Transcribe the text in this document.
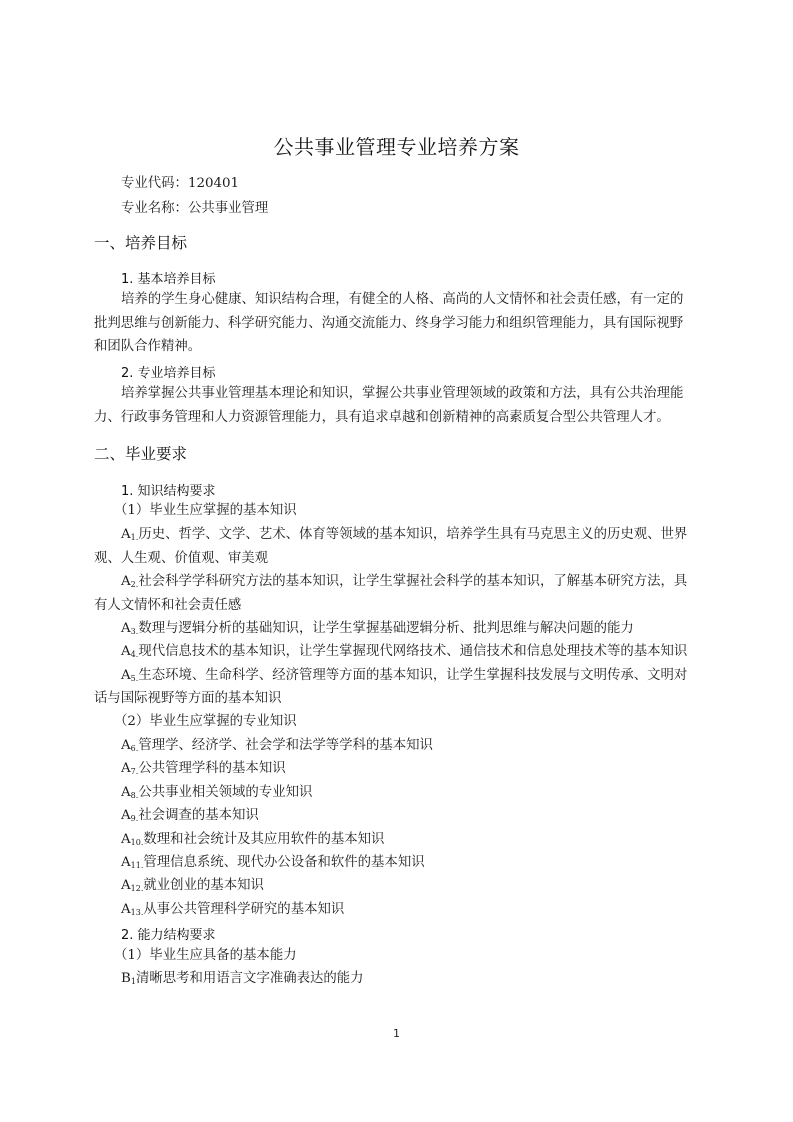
公共事业管理专业培养方案
专业代码：120401
专业名称：公共事业管理
一、培养目标
1. 基本培养目标
培养的学生身心健康、知识结构合理，有健全的人格、高尚的人文情怀和社会责任感，有一定的
批判思维与创新能力、科学研究能力、沟通交流能力、终身学习能力和组织管理能力，具有国际视野
和团队合作精神。
2. 专业培养目标
培养掌握公共事业管理基本理论和知识，掌握公共事业管理领域的政策和方法，具有公共治理能
力、行政事务管理和人力资源管理能力，具有追求卓越和创新精神的高素质复合型公共管理人才。
二、毕业要求
1. 知识结构要求
（1）毕业生应掌握的基本知识
$A_{1.}$历史、哲学、文学、艺术、体育等领域的基本知识，培养学生具有马克思主义的历史观、世界
观、人生观、价值观、审美观
$A_{2.}$社会科学学科研究方法的基本知识，让学生掌握社会科学的基本知识，了解基本研究方法，具
有人文情怀和社会责任感
$A_{3.}$数理与逻辑分析的基础知识，让学生掌握基础逻辑分析、批判思维与解决问题的能力
$A_{4.}$现代信息技术的基本知识，让学生掌握现代网络技术、通信技术和信息处理技术等的基本知识
$A_{5.}$生态环境、生命科学、经济管理等方面的基本知识，让学生掌握科技发展与文明传承、文明对
话与国际视野等方面的基本知识
（2）毕业生应掌握的专业知识
$A_{6.}$管理学、经济学、社会学和法学等学科的基本知识
$A_{7.}$公共管理学科的基本知识
$A_{8.}$公共事业相关领域的专业知识
$A_{9.}$社会调查的基本知识
$A_{10.}$数理和社会统计及其应用软件的基本知识
$A_{11.}$管理信息系统、现代办公设备和软件的基本知识
$A_{12.}$就业创业的基本知识
$A_{13.}$从事公共管理科学研究的基本知识
2. 能力结构要求
（1）毕业生应具备的基本能力
$B_1$清晰思考和用语言文字准确表达的能力
1
